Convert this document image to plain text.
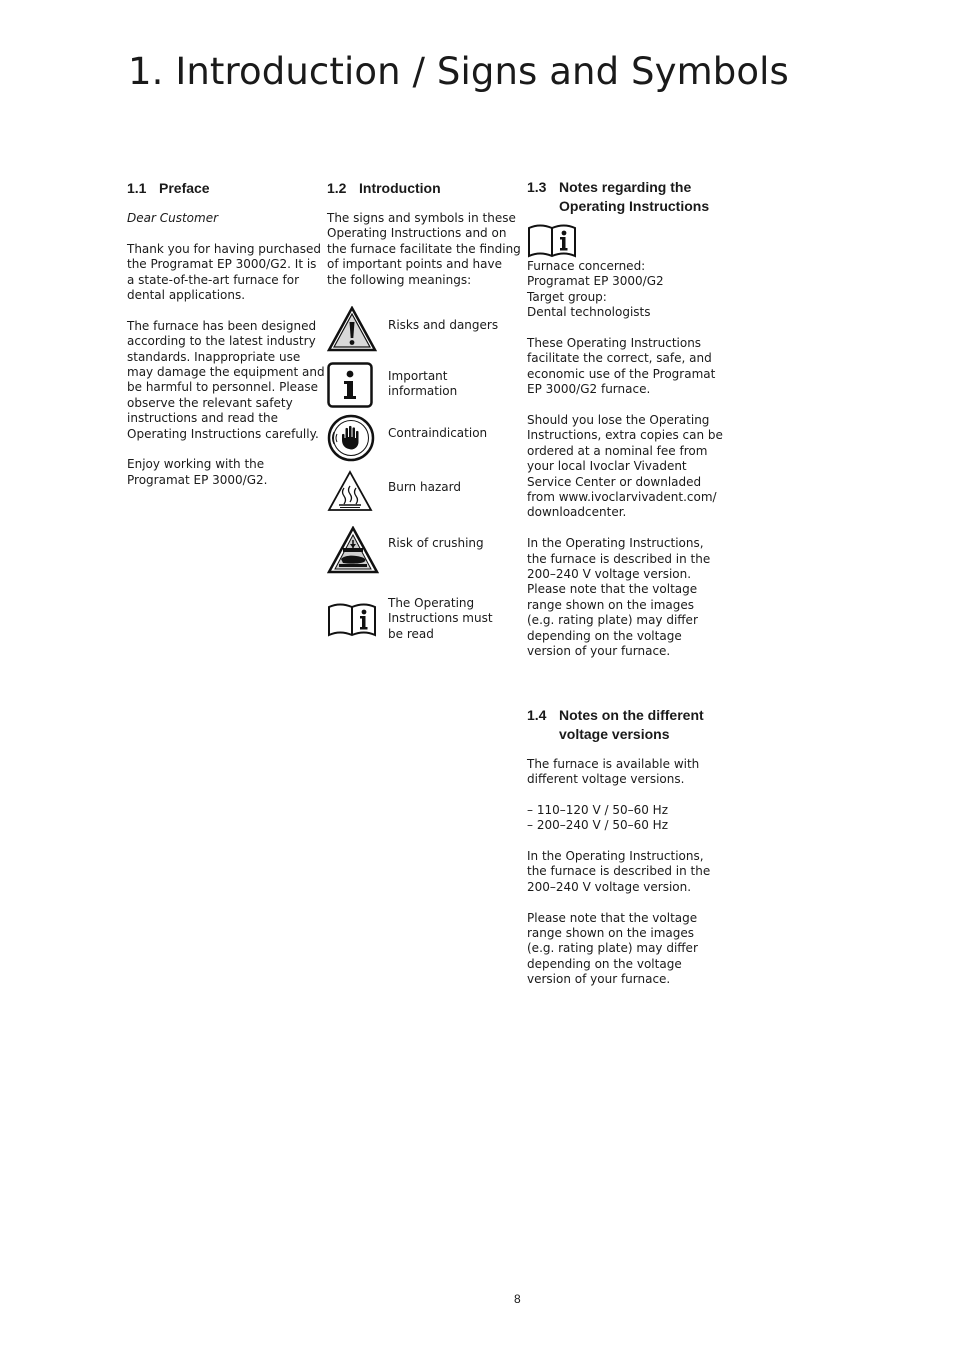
1. Introduction / Signs and Symbols
1.1 Preface

Dear Customer

Thank you for having purchased

the Programat EP 3000/G2. It is

a state-of-the-art furnace for

dental applications.

The furnace has been designed

according to the latest industry

standards. Inappropriate use

may damage the equipment and

be harmful to personnel. Please

observe the relevant safety

instructions and read the

Operating Instructions carefully.

Enjoy working with the

Programat EP 3000/G2.

1.2 Introduction

The signs and symbols in these

Operating Instructions and on

the furnace facilitate the finding

of important points and have

the following meanings:

Risks and dangers
Important
information
Contraindication
Burn hazard
Risk of crushing
The Operating
Instructions must
be read
1.3 Notes regarding the
Operating Instructions

Furnace concerned:

Programat EP 3000/G2

Target group:

Dental technologists

These Operating Instructions

facilitate the correct, safe, and

economic use of the Programat

EP 3000/G2 furnace.

Should you lose the Operating

Instructions, extra copies can be

ordered at a nominal fee from

your local Ivoclar Vivadent

Service Center or downladed

from www.ivoclarvivadent.com/

downloadcenter.

In the Operating Instructions,

the furnace is described in the

200–240 V voltage version.

Please note that the voltage

range shown on the images

(e.g. rating plate) may differ

depending on the voltage

version of your furnace.

1.4 Notes on the different
voltage versions

The furnace is available with

different voltage versions.

– 110–120 V / 50–60 Hz

– 200–240 V / 50–60 Hz

In the Operating Instructions,

the furnace is described in the

200–240 V voltage version.

Please note that the voltage

range shown on the images

(e.g. rating plate) may differ

depending on the voltage

version of your furnace.

8
